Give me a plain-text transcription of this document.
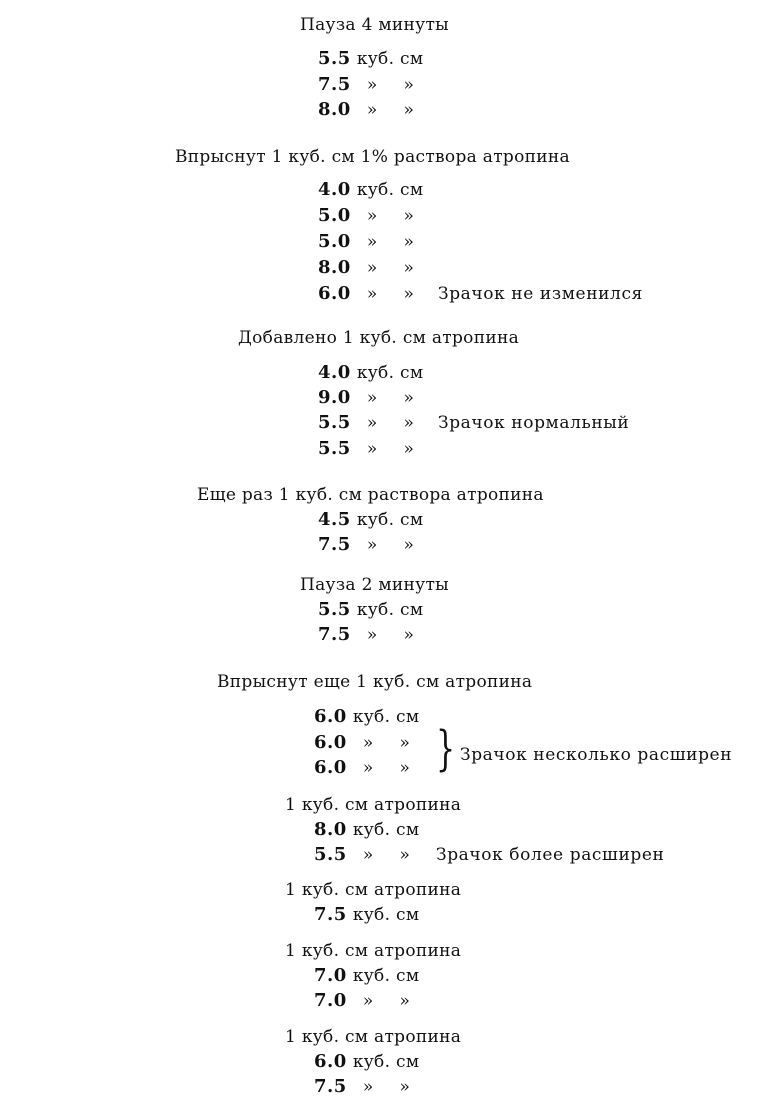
Пауза 4 минуты
5.5 куб. см
7.5 » »
8.0 » »
Впрыснут 1 куб. см 1% раствора атропина
4.0 куб. см
5.0 » »
5.0 » »
8.0 » »
6.0 » » Зрачок не изменился
Добавлено 1 куб. см атропина
4.0 куб. см
9.0 » »
5.5 » » Зрачок нормальный
5.5 » »
Еще раз 1 куб. см раствора атропина
4.5 куб. см
7.5 » »
Пауза 2 минуты
5.5 куб. см
7.5 » »
Впрыснут еще 1 куб. см атропина
6.0 куб. см
6.0 » »
6.0 » » } Зрачок несколько расширен
1 куб. см атропина
8.0 куб. см
5.5 » » Зрачок более расширен
1 куб. см атропина
7.5 куб. см
1 куб. см атропина
7.0 куб. см
7.0 » »
1 куб. см атропина
6.0 куб. см
7.5 » »
